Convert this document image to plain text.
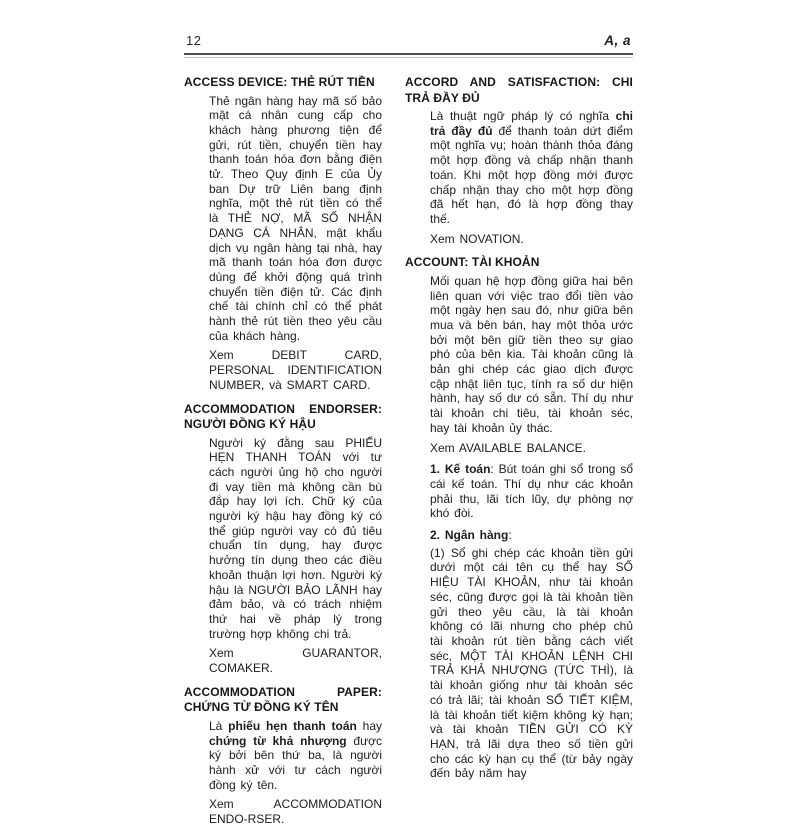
12	A, a
ACCESS DEVICE: THẺ RÚT TIỀN

Thẻ ngân hàng hay mã số bảo mật cá nhân cung cấp cho khách hàng phương tiện để gửi, rút tiền, chuyển tiền hay thanh toán hóa đơn bằng điện tử. Theo Quy định E của Ủy ban Dự trữ Liên bang định nghĩa, một thẻ rút tiền có thể là THẺ NỢ, MÃ SỐ NHẬN DẠNG CÁ NHÂN, mật khẩu dịch vụ ngân hàng tại nhà, hay mã thanh toán hóa đơn được dùng để khởi động quá trình chuyển tiền điện tử. Các định chế tài chính chỉ có thể phát hành thẻ rút tiền theo yêu cầu của khách hàng.

Xem DEBIT CARD, PERSONAL IDENTIFICATION NUMBER, và SMART CARD.

ACCOMMODATION ENDORSER: NGƯỜI ĐỒNG KÝ HẬU

Người ký đằng sau PHIẾU HẸN THANH TOÁN với tư cách người ủng hộ cho người đi vay tiền mà không cần bù đắp hay lợi ích. Chữ ký của người ký hậu hay đồng ký có thể giúp người vay có đủ tiêu chuẩn tín dụng, hay được hưởng tín dụng theo các điều khoản thuận lợi hơn. Người ký hậu là NGƯỜI BẢO LÃNH hay đảm bảo, và có trách nhiệm thứ hai về pháp lý trong trường hợp không chi trả.

Xem GUARANTOR, COMAKER.

ACCOMMODATION PAPER: CHỨNG TỪ ĐỒNG KÝ TÊN

Là phiếu hẹn thanh toán hay chứng từ khả nhượng được ký bởi bên thứ ba, là người hành xử với tư cách người đồng ký tên.

Xem ACCOMMODATION ENDO-RSER.

ACCORD AND SATISFACTION: CHI TRẢ ĐẦY ĐỦ

Là thuật ngữ pháp lý có nghĩa chi trả đầy đủ để thanh toán dứt điểm một nghĩa vụ; hoàn thành thỏa đáng một hợp đồng và chấp nhận thanh toán. Khi một hợp đồng mới được chấp nhận thay cho một hợp đồng đã hết hạn, đó là hợp đồng thay thế.

Xem NOVATION.

ACCOUNT: TÀI KHOẢN

Mối quan hệ hợp đồng giữa hai bên liên quan với việc trao đổi tiền vào một ngày hẹn sau đó, như giữa bên mua và bên bán, hay một thỏa ước bởi một bên giữ tiền theo sự giao phó của bên kia. Tài khoản cũng là bản ghi chép các giao dịch được cập nhật liên tục, tính ra số dư hiện hành, hay số dư có sẵn. Thí dụ như tài khoản chi tiêu, tài khoản séc, hay tài khoản ủy thác.

Xem AVAILABLE BALANCE.

1. Kế toán: Bút toán ghi sổ trong sổ cái kế toán. Thí dụ như các khoản phải thu, lãi tích lũy, dự phòng nợ khó đòi.

2. Ngân hàng:

(1) Sổ ghi chép các khoản tiền gửi dưới một cái tên cụ thể hay SỐ HIỆU TÀI KHOẢN, như tài khoản séc, cũng được gọi là tài khoản tiền gửi theo yêu cầu, là tài khoản không có lãi nhưng cho phép chủ tài khoản rút tiền bằng cách viết séc, MỘT TÀI KHOẢN LỆNH CHI TRẢ KHẢ NHƯỢNG (TỨC THÌ), là tài khoản giống như tài khoản séc có trả lãi; tài khoản SỔ TIẾT KIỆM, là tài khoản tiết kiệm không kỳ hạn; và tài khoản TIỀN GỬI CÓ KỲ HẠN, trả lãi dựa theo số tiền gửi cho các kỳ hạn cụ thể (từ bảy ngày đến bảy năm hay
